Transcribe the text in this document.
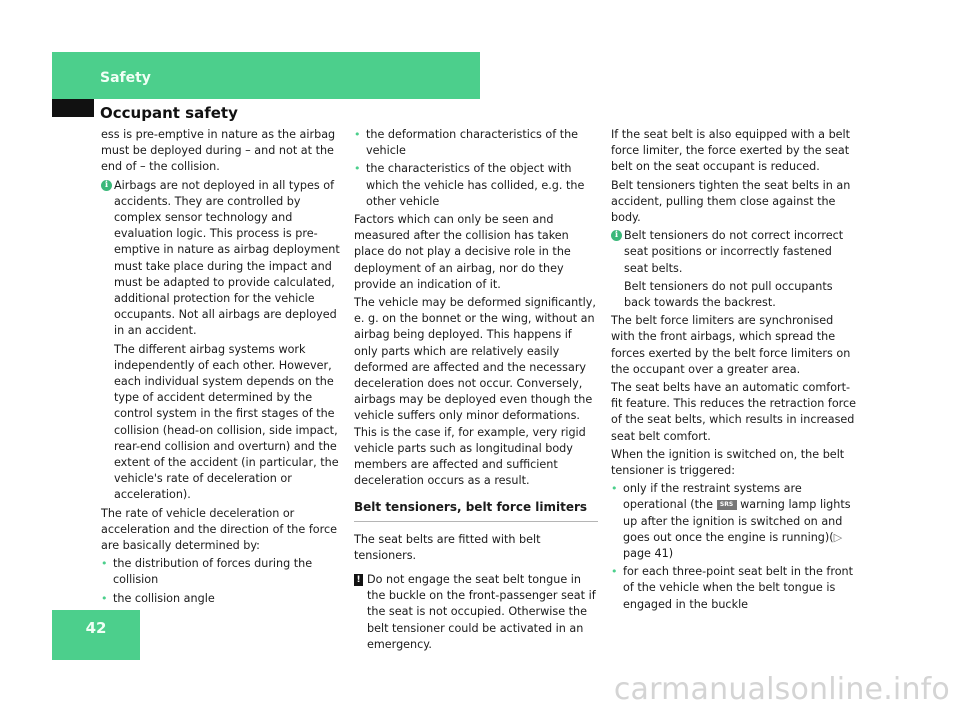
Safety
Occupant safety

ess is pre-emptive in nature as the airbag must be deployed during – and not at the end of – the collision.

i Airbags are not deployed in all types of accidents. They are controlled by complex sensor technology and evaluation logic. This process is pre-emptive in nature as airbag deployment must take place during the impact and must be adapted to provide calculated, additional protection for the vehicle occupants. Not all airbags are deployed in an accident.
The different airbag systems work independently of each other. However, each individual system depends on the type of accident determined by the control system in the first stages of the collision (head-on collision, side impact, rear-end collision and overturn) and the extent of the accident (in particular, the vehicle's rate of deceleration or acceleration).

The rate of vehicle deceleration or acceleration and the direction of the force are basically determined by:

• the distribution of forces during the collision
• the collision angle
• the deformation characteristics of the vehicle
• the characteristics of the object with which the vehicle has collided, e.g. the other vehicle

Factors which can only be seen and measured after the collision has taken place do not play a decisive role in the deployment of an airbag, nor do they provide an indication of it.

The vehicle may be deformed significantly, e. g. on the bonnet or the wing, without an airbag being deployed. This happens if only parts which are relatively easily deformed are affected and the necessary deceleration does not occur. Conversely, airbags may be deployed even though the vehicle suffers only minor deformations. This is the case if, for example, very rigid vehicle parts such as longitudinal body members are affected and sufficient deceleration occurs as a result.

Belt tensioners, belt force limiters

The seat belts are fitted with belt tensioners.

! Do not engage the seat belt tongue in the buckle on the front-passenger seat if the seat is not occupied. Otherwise the belt tensioner could be activated in an emergency.

If the seat belt is also equipped with a belt force limiter, the force exerted by the seat belt on the seat occupant is reduced.

Belt tensioners tighten the seat belts in an accident, pulling them close against the body.

i Belt tensioners do not correct incorrect seat positions or incorrectly fastened seat belts.
Belt tensioners do not pull occupants back towards the backrest.

The belt force limiters are synchronised with the front airbags, which spread the forces exerted by the belt force limiters on the occupant over a greater area.

The seat belts have an automatic comfort-fit feature. This reduces the retraction force of the seat belts, which results in increased seat belt comfort.

When the ignition is switched on, the belt tensioner is triggered:

• only if the restraint systems are operational (the SRS warning lamp lights up after the ignition is switched on and goes out once the engine is running)(▷ page 41)
• for each three-point seat belt in the front of the vehicle when the belt tongue is engaged in the buckle
42
carmanualsonline.info
